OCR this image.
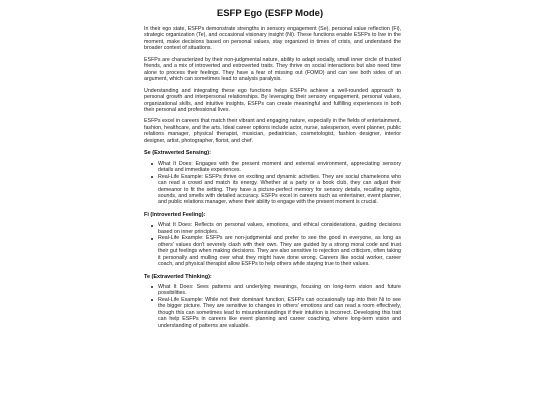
ESFP Ego (ESFP Mode)

In their ego state, ESFPs demonstrate strengths in sensory engagement (Se), personal value reflection (Fi), strategic organization (Te), and occasional visionary insight (Ni). These functions enable ESFPs to live in the moment, make decisions based on personal values, stay organized in times of crisis, and understand the broader context of situations.

ESFPs are characterized by their non-judgmental nature, ability to adapt socially, small inner circle of trusted friends, and a mix of introverted and extroverted traits. They thrive on social interactions but also need time alone to process their feelings. They have a fear of missing out (FOMO) and can see both sides of an argument, which can sometimes lead to analysis paralysis.

Understanding and integrating these ego functions helps ESFPs achieve a well-rounded approach to personal growth and interpersonal relationships. By leveraging their sensory engagement, personal values, organizational skills, and intuitive insights, ESFPs can create meaningful and fulfilling experiences in both their personal and professional lives.

ESFPs excel in careers that match their vibrant and engaging nature, especially in the fields of entertainment, fashion, healthcare, and the arts. Ideal career options include actor, nurse, salesperson, event planner, public relations manager, physical therapist, musician, pediatrician, cosmetologist, fashion designer, interior designer, artist, photographer, florist, and chef.

Se (Extraverted Sensing):
What It Does: Engages with the present moment and external environment, appreciating sensory details and immediate experiences.
Real-Life Example: ESFPs thrive on exciting and dynamic activities. They are social chameleons who can read a crowd and match its energy. Whether at a party or a book club, they can adjust their demeanor to fit the setting. They have a picture-perfect memory for sensory details, recalling sights, sounds, and smells with detailed accuracy. ESFPs excel in careers such as entertainer, event planner, and public relations manager, where their ability to engage with the present moment is crucial.
Fi (Introverted Feeling):
What It Does: Reflects on personal values, emotions, and ethical considerations, guiding decisions based on inner principles.
Real-Life Example: ESFPs are non-judgmental and prefer to see the good in everyone, as long as others' values don't severely clash with their own. They are guided by a strong moral code and trust their gut feelings when making decisions. They are also sensitive to rejection and criticism, often taking it personally and mulling over what they might have done wrong. Careers like social worker, career coach, and physical therapist allow ESFPs to help others while staying true to their values.
Te (Extraverted Thinking):
What It Does: Sees patterns and underlying meanings, focusing on long-term vision and future possibilities.
Real-Life Example: While not their dominant function, ESFPs can occasionally tap into their Ni to see the bigger picture. They are sensitive to changes in others' emotions and can read a room effectively, though this can sometimes lead to misunderstandings if their intuition is incorrect. Developing this trait can help ESFPs in careers like event planning and career coaching, where long-term vision and understanding of patterns are valuable.
